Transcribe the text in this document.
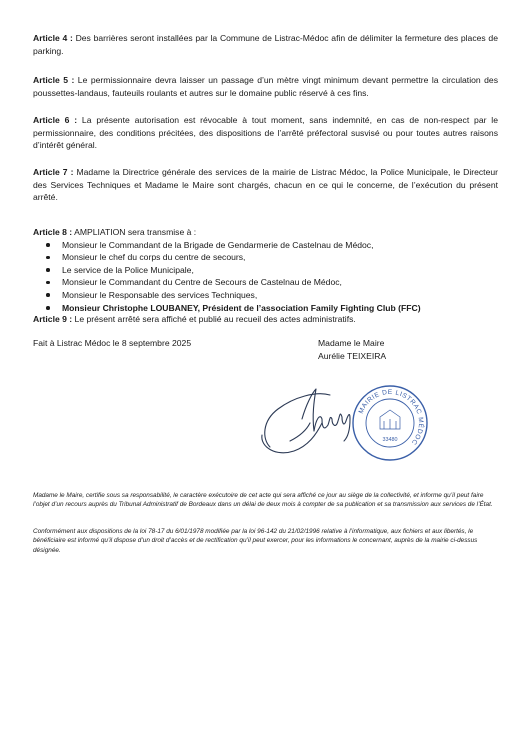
Article 4 : Des barrières seront installées par la Commune de Listrac-Médoc afin de délimiter la fermeture des places de parking.

Article 5 : Le permissionnaire devra laisser un passage d’un mètre vingt minimum devant permettre la circulation des poussettes-landaus, fauteuils roulants et autres sur le domaine public réservé à ces fins.

Article 6 : La présente autorisation est révocable à tout moment, sans indemnité, en cas de non-respect par le permissionnaire, des conditions précitées, des dispositions de l’arrêté préfectoral susvisé ou pour toutes autres raisons d’intérêt général.

Article 7 : Madame la Directrice générale des services de la mairie de Listrac Médoc, la Police Municipale, le Directeur des Services Techniques et Madame le Maire sont chargés, chacun en ce qui le concerne, de l’exécution du présent arrêté.

Article 8 : AMPLIATION sera transmise à :

Monsieur le Commandant de la Brigade de Gendarmerie de Castelnau de Médoc,
Monsieur le chef du corps du centre de secours,
Le service de la Police Municipale,
Monsieur le Commandant du Centre de Secours de Castelnau de Médoc,
Monsieur le Responsable des services Techniques,
Monsieur Christophe LOUBANEY, Président de l’association Family Fighting Club (FFC)

Article 9 : Le présent arrêté sera affiché et publié au recueil des actes administratifs.

Fait à Listrac Médoc le 8 septembre 2025	Madame le Maire
Aurélie TEIXEIRA
MAIRIE DE LISTRAC MÉDOC
33480

Madame le Maire, certifie sous sa responsabilité, le caractère exécutoire de cet acte qui sera affiché ce jour au siège de la collectivité, et informe qu’il peut faire l’objet d’un recours auprès du Tribunal Administratif de Bordeaux dans un délai de deux mois à compter de sa publication et sa transmission aux services de l’État.

Conformément aux dispositions de la loi 78-17 du 6/01/1978 modifiée par la loi 96-142 du 21/02/1996 relative à l’informatique, aux fichiers et aux libertés, le bénéficiaire est informé qu’il dispose d’un droit d’accès et de rectification qu’il peut exercer, pour les informations le concernant, auprès de la mairie ci-dessus désignée.
